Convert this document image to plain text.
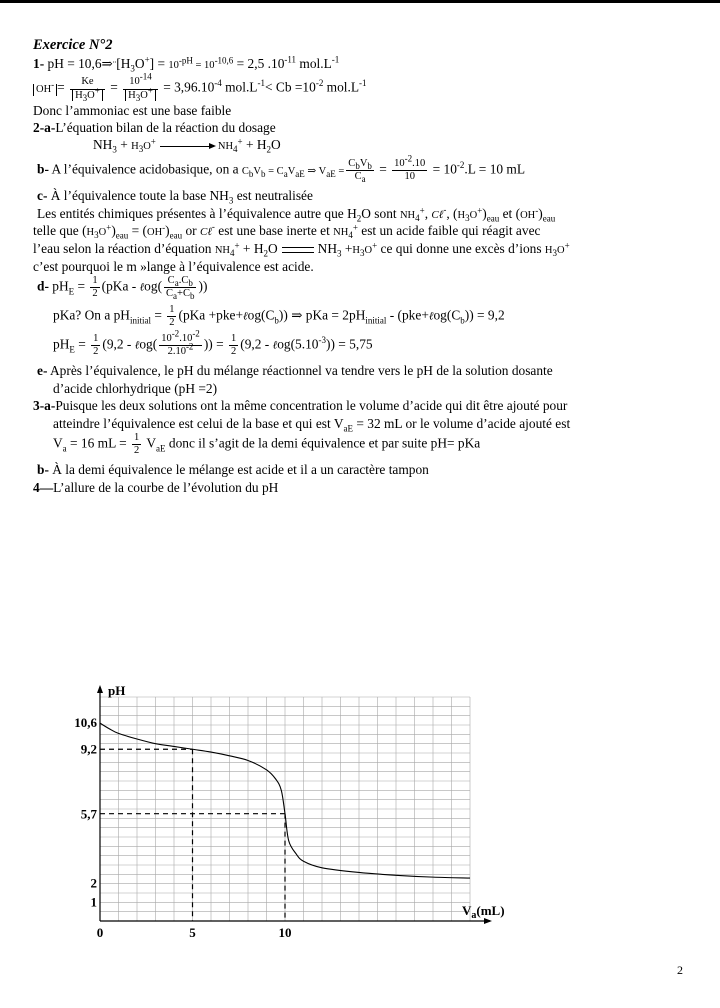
Exercice N°2
1- pH = $10,6\Rightarrow¨[H_3O^+] = 10^{-pH} = 10^{-10,6} = 2,5$ $.10^{-11}$ $mol.L^{-1}$
$OH^- = \frac{Ke}{H_3O^+} = \frac{10^{-14}}{H_3O^+} = 3,96.10^{-4}$ $mol.L^{-1}< Cb =10^{-2}$ $mol.L^{-1}$
Donc l’ammoniac est une base faible
2-a-L’équation bilan de la réaction du dosage
$NH_3 + H_3O^+$	$NH_4^+ + H_2O$
b- A l’équivalence acidobasique, on a $C_bV_b = C_aV_{aE}$ ⇒ $V_{aE} = \frac{C_bV_b}{C_a} = \frac{10^{-2}.10}{10} = 10^{-2}.L = 10$ mL
c- À l’équivalence toute la base $NH_3$ est neutralisée
Les entités chimiques présentes à l’équivalence autre que $H_2O$ sont $NH_4^+$, Cℓ-, $(H_3O^+)_{eau}$ et $(OH^-)_{eau}$
telle que $(H_3O^+)_{eau} = (OH^-)_{eau}$ or Cℓ- est une base inerte et $NH_4^+$ est un acide faible qui réagit avec
l’eau selon la réaction d’équation $NH_4^+ + H_2O$	$NH_3 +H_3O^+$ ce qui donne une excès d’ions $H_3O^+$
c’est pourquoi le m »lange à l’équivalence est acide.
d- $pH_E = \frac{1}{2} (pKa$ - ℓog( $\frac{C_a.C_b}{C_a+C_b}$ ))
pKa? On a $pH_{initial} = \frac{1}{2} (pKa$ $+pke+\ell og(C_b)$) ⇒ pKa = $2pH_{initial}$ - $(pke+\ell og(C_b)) = 9,2$
$pH_E = \frac{1}{2} (9,2$ - ℓog( $\frac{10^{-2}.10^{-2}}{2.10^{-2}}$ )) = $\frac{1}{2} (9,2$ - $\ell og(5.10^{-3})) = 5,75$
e- Après l’équivalence, le pH du mélange réactionnel va tendre vers le pH de la solution dosante
d’acide chlorhydrique (pH =2)
3-a-Puisque les deux solutions ont la même concentration le volume d’acide qui dit être ajouté pour
atteindre l’équivalence est celui de la base et qui est $V_{aE} = 32$ mL or le volume d’acide ajouté est
$V_a = 16$ mL = $\frac{1}{2} V_{aE}$ donc il s’agit de la demi équivalence et par suite pH= pKa
b- À la demi équivalence le mélange est acide et il a un caractère tampon
4—L’allure de la courbe de l’évolution du pH
10,6
9,2
5,7
2
1
0	5	10
pH
$V_a(mL)$
2
